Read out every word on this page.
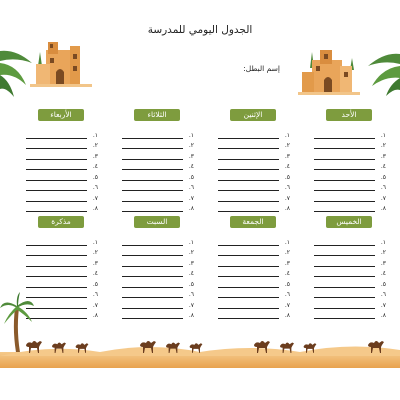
الجدول اليومي للمدرسة
إسم البطل:
الأحد
١.
٢.
٣.
٤.
٥.
٦.
٧.
٨.
الإثنين
١.
٢.
٣.
٤.
٥.
٦.
٧.
٨.
الثلاثاء
١.
٢.
٣.
٤.
٥.
٦.
٧.
٨.
الأربعاء
١.
٢.
٣.
٤.
٥.
٦.
٧.
٨.
الخميس
١.
٢.
٣.
٤.
٥.
٦.
٧.
٨.
الجمعة
١.
٢.
٣.
٤.
٥.
٦.
٧.
٨.
السبت
١.
٢.
٣.
٤.
٥.
٦.
٧.
٨.
مذكرة
١.
٢.
٣.
٤.
٥.
٦.
٧.
٨.
